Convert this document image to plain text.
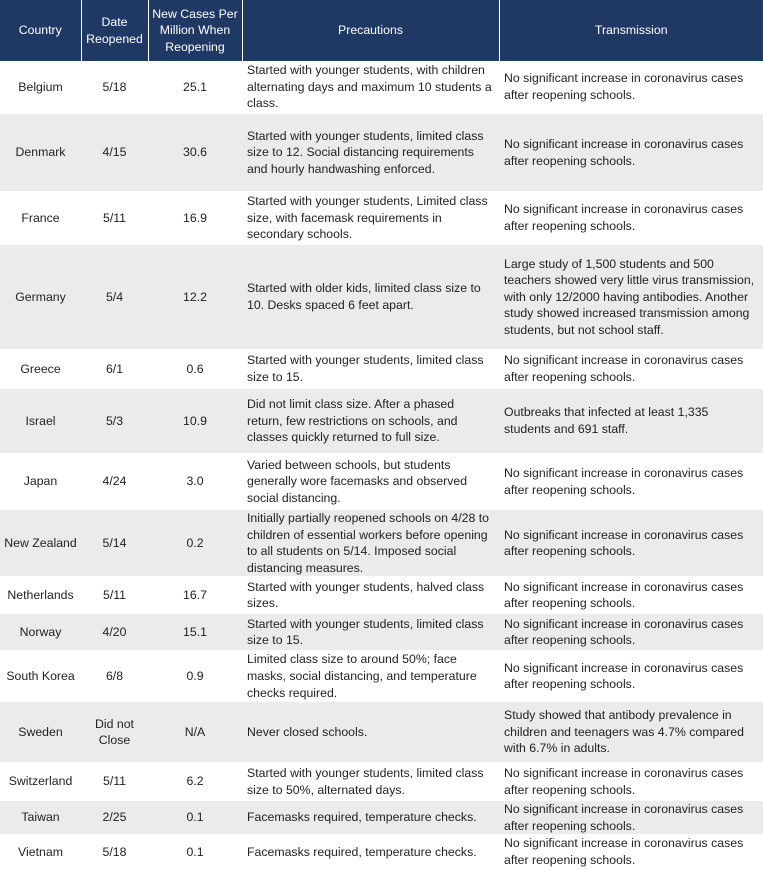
Country	Date Reopened	New Cases Per Million When Reopening	Precautions	Transmission
Belgium	5/18	25.1	Started with younger students, with children alternating days and maximum 10 students a class.	No significant increase in coronavirus cases after reopening schools.
Denmark	4/15	30.6	Started with younger students, limited class size to 12. Social distancing requirements and hourly handwashing enforced.	No significant increase in coronavirus cases after reopening schools.
France	5/11	16.9	Started with younger students, Limited class size, with facemask requirements in secondary schools.	No significant increase in coronavirus cases after reopening schools.
Germany	5/4	12.2	Started with older kids, limited class size to 10. Desks spaced 6 feet apart.	Large study of 1,500 students and 500 teachers showed very little virus transmission, with only 12/2000 having antibodies. Another study showed increased transmission among students, but not school staff.
Greece	6/1	0.6	Started with younger students, limited class size to 15.	No significant increase in coronavirus cases after reopening schools.
Israel	5/3	10.9	Did not limit class size. After a phased return, few restrictions on schools, and classes quickly returned to full size.	Outbreaks that infected at least 1,335 students and 691 staff.
Japan	4/24	3.0	Varied between schools, but students generally wore facemasks and observed social distancing.	No significant increase in coronavirus cases after reopening schools.
New Zealand	5/14	0.2	Initially partially reopened schools on 4/28 to children of essential workers before opening to all students on 5/14. Imposed social distancing measures.	No significant increase in coronavirus cases after reopening schools.
Netherlands	5/11	16.7	Started with younger students, halved class sizes.	No significant increase in coronavirus cases after reopening schools.
Norway	4/20	15.1	Started with younger students, limited class size to 15.	No significant increase in coronavirus cases after reopening schools.
South Korea	6/8	0.9	Limited class size to around 50%; face masks, social distancing, and temperature checks required.	No significant increase in coronavirus cases after reopening schools.
Sweden	Did not Close	N/A	Never closed schools.	Study showed that antibody prevalence in children and teenagers was 4.7% compared with 6.7% in adults.
Switzerland	5/11	6.2	Started with younger students, limited class size to 50%, alternated days.	No significant increase in coronavirus cases after reopening schools.
Taiwan	2/25	0.1	Facemasks required, temperature checks.	No significant increase in coronavirus cases after reopening schools.
Vietnam	5/18	0.1	Facemasks required, temperature checks.	No significant increase in coronavirus cases after reopening schools.
